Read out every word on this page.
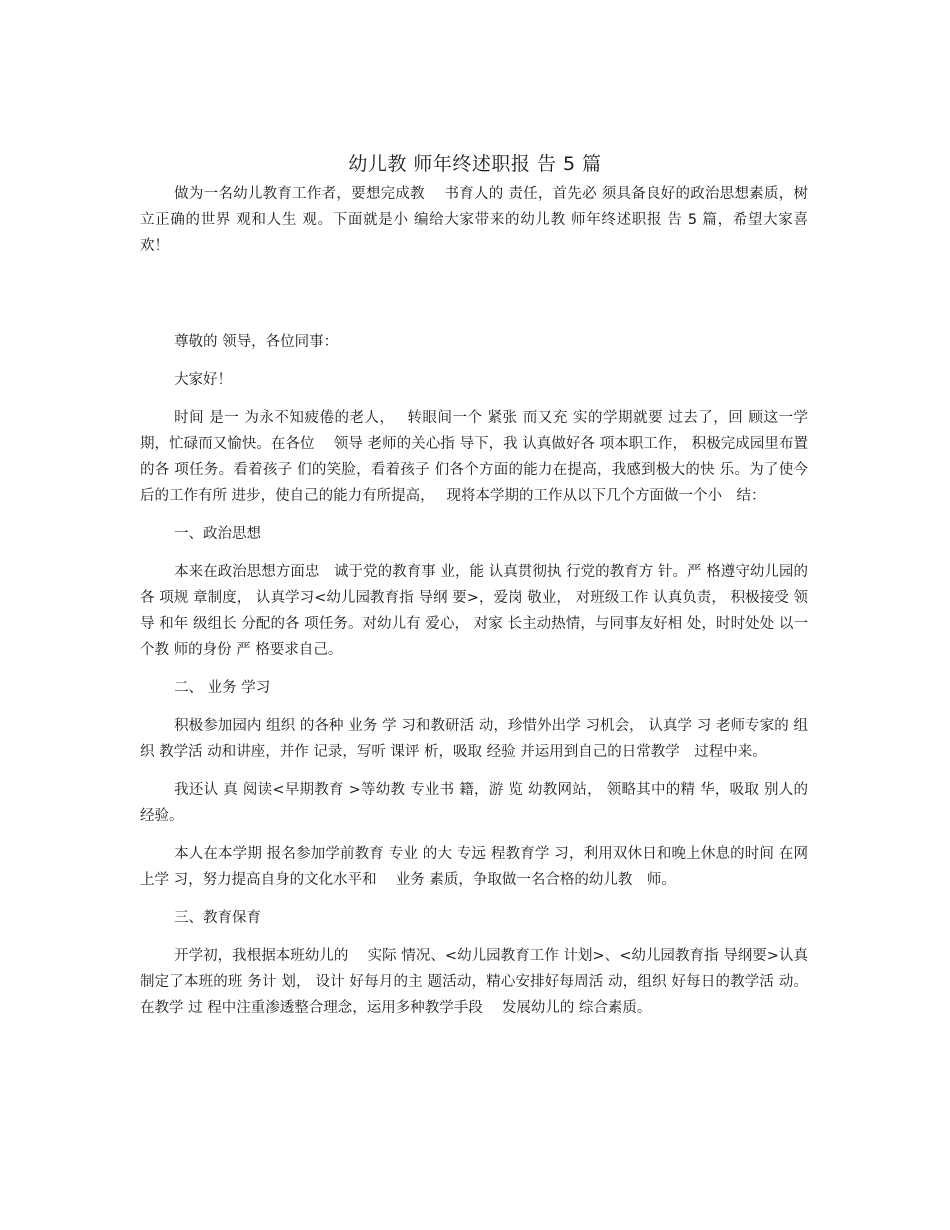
幼儿教 师年终述职报 告 5 篇

做为一名幼儿教育工作者，要想完成教　 书育人的 责任，首先必 须具备良好的政治思想素质，树立正确的世界 观和人生 观。下面就是小 编给大家带来的幼儿教 师年终述职报 告 5 篇，希望大家喜　欢！

尊敬的 领导，各位同事：

大家好！

时间 是一 为永不知疲倦的老人，　 转眼间一个 紧张 而又充 实的学期就要 过去了，回 顾这一学期，忙碌而又愉快。在各位　 领导 老师的关心指 导下，我 认真做好各 项本职工作， 积极完成园里布置的各 项任务。看着孩子 们的笑脸，看着孩子 们各个方面的能力在提高，我感到极大的快 乐。为了使今后的工作有所 进步，使自己的能力有所提高，　 现将本学期的工作从以下几个方面做一个小　结：

一、政治思想

本来在政治思想方面忠　诚于党的教育事 业，能 认真贯彻执 行党的教育方 针。严 格遵守幼儿园的各 项规 章制度， 认真学习<幼儿园教育指 导纲 要>，爱岗 敬业， 对班级工作 认真负责， 积极接受 领导 和年 级组长 分配的各 项任务。对幼儿有 爱心， 对家 长主动热情，与同事友好相 处，时时处处 以一个教 师的身份 严 格要求自己。

二、 业务 学习

积极参加园内 组织 的各种 业务 学 习和教研活 动，珍惜外出学 习机会， 认真学 习 老师专家的 组织 教学活 动和讲座，并作 记录，写听 课评 析，吸取 经验 并运用到自己的日常教学　过程中来。

我还认 真 阅读<早期教育 >等幼教 专业书 籍，游 览 幼教网站， 领略其中的精 华，吸取 别人的 经验。

本人在本学期 报名参加学前教育 专业 的大 专远 程教育学 习，利用双休日和晚上休息的时间 在网上学 习，努力提高自身的文化水平和　 业务 素质，争取做一名合格的幼儿教　师。

三、教育保育

开学初，我根据本班幼儿的　 实际 情况、<幼儿园教育工作 计划>、<幼儿园教育指 导纲要>认真制定了本班的班 务计 划， 设计 好每月的主 题活动，精心安排好每周活 动，组织 好每日的教学活 动。在教学 过 程中注重渗透整合理念，运用多种教学手段　 发展幼儿的 综合素质。
